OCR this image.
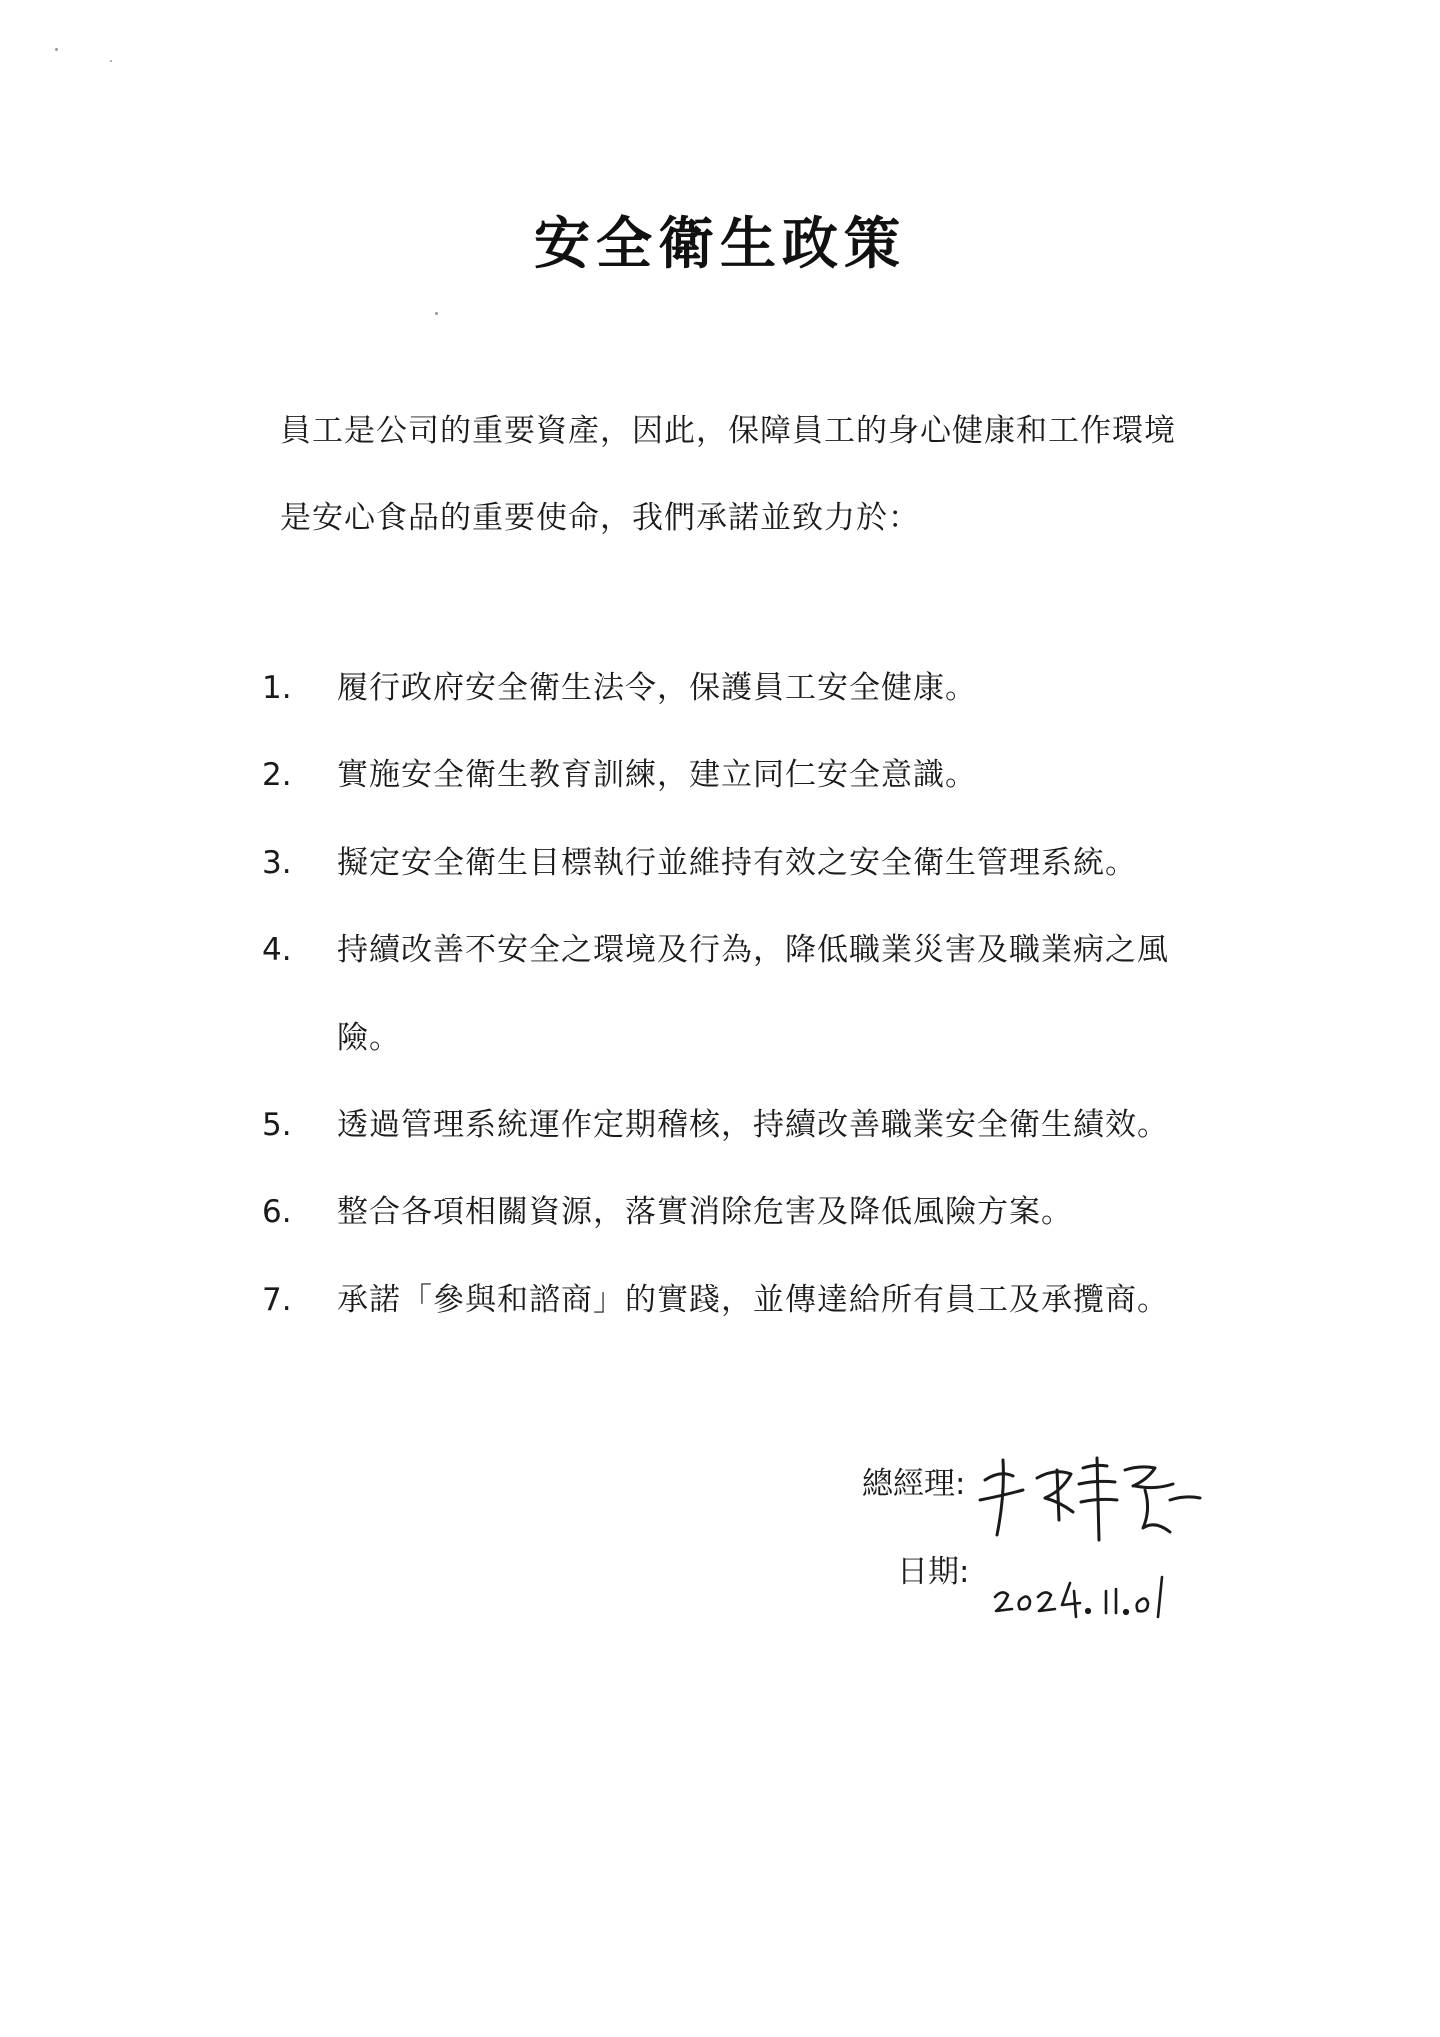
安全衛生政策
員工是公司的重要資產，因此，保障員工的身心健康和工作環境
是安心食品的重要使命，我們承諾並致力於：
1. 履行政府安全衛生法令，保護員工安全健康。
2. 實施安全衛生教育訓練，建立同仁安全意識。
3. 擬定安全衛生目標執行並維持有效之安全衛生管理系統。
4. 持續改善不安全之環境及行為，降低職業災害及職業病之風險。
5. 透過管理系統運作定期稽核，持續改善職業安全衛生績效。
6. 整合各項相關資源，落實消除危害及降低風險方案。
7. 承諾「參與和諮商」的實踐，並傳達給所有員工及承攬商。
總經理:
日期:
